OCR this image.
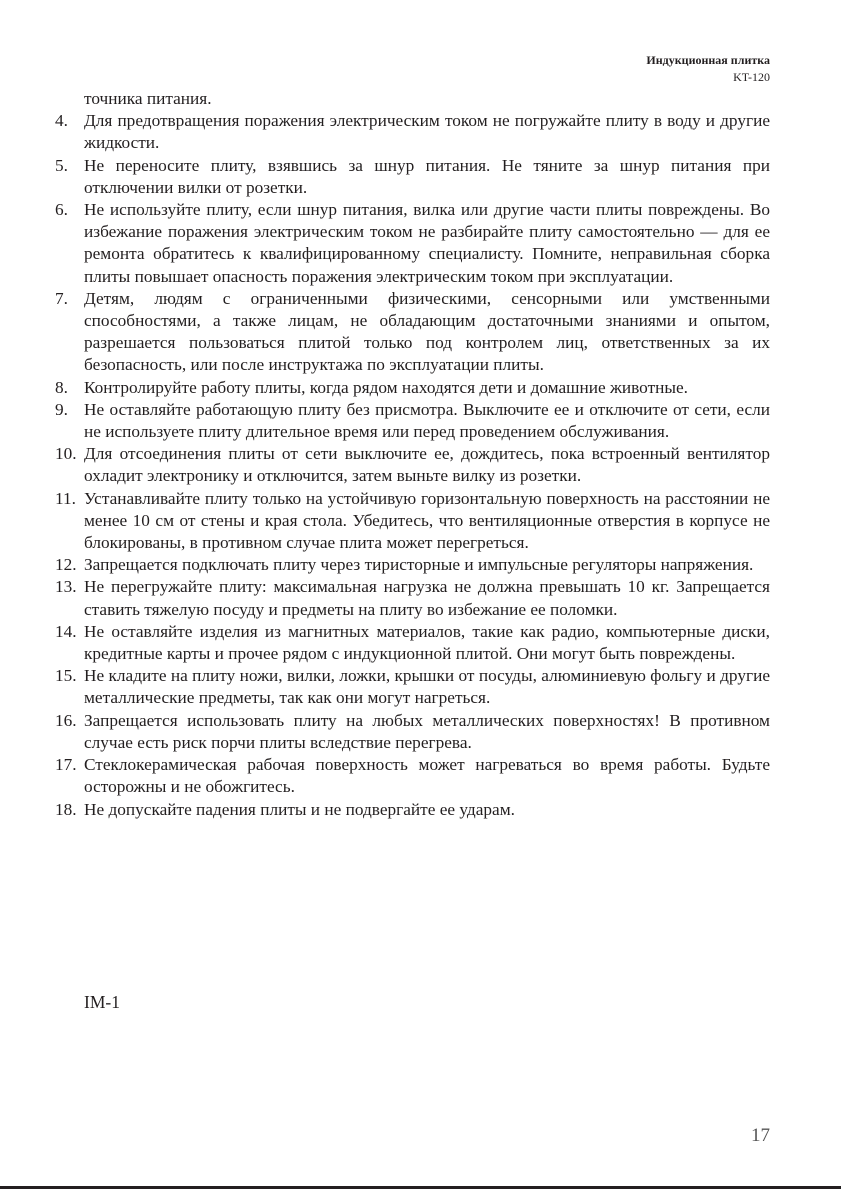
Индукционная плитка
KT-120
точника питания.
4. Для предотвращения поражения электрическим током не погружайте плиту в воду и другие жидкости.
5. Не переносите плиту, взявшись за шнур питания. Не тяните за шнур питания при отключении вилки от розетки.
6. Не используйте плиту, если шнур питания, вилка или другие части плиты повреждены. Во избежание поражения электрическим током не разбирайте плиту самостоятельно — для ее ремонта обратитесь к квалифицированному специалисту. Помните, неправильная сборка плиты повышает опасность поражения электрическим током при эксплуатации.
7. Детям, людям с ограниченными физическими, сенсорными или умственными способностями, а также лицам, не обладающим достаточными знаниями и опытом, разрешается пользоваться плитой только под контролем лиц, ответственных за их безопасность, или после инструктажа по эксплуатации плиты.
8. Контролируйте работу плиты, когда рядом находятся дети и домашние животные.
9. Не оставляйте работающую плиту без присмотра. Выключите ее и отключите от сети, если не используете плиту длительное время или перед проведением обслуживания.
10. Для отсоединения плиты от сети выключите ее, дождитесь, пока встроенный вентилятор охладит электронику и отключится, затем выньте вилку из розетки.
11. Устанавливайте плиту только на устойчивую горизонтальную поверхность на расстоянии не менее 10 см от стены и края стола. Убедитесь, что вентиляционные отверстия в корпусе не блокированы, в противном случае плита может перегреться.
12. Запрещается подключать плиту через тиристорные и импульсные регуляторы напряжения.
13. Не перегружайте плиту: максимальная нагрузка не должна превышать 10 кг. Запрещается ставить тяжелую посуду и предметы на плиту во избежание ее поломки.
14. Не оставляйте изделия из магнитных материалов, такие как радио, компьютерные диски, кредитные карты и прочее рядом с индукционной плитой. Они могут быть повреждены.
15. Не кладите на плиту ножи, вилки, ложки, крышки от посуды, алюминиевую фольгу и другие металлические предметы, так как они могут нагреться.
16. Запрещается использовать плиту на любых металлических поверхностях! В противном случае есть риск порчи плиты вследствие перегрева.
17. Стеклокерамическая рабочая поверхность может нагреваться во время работы. Будьте осторожны и не обожгитесь.
18. Не допускайте падения плиты и не подвергайте ее ударам.
IM-1
17
